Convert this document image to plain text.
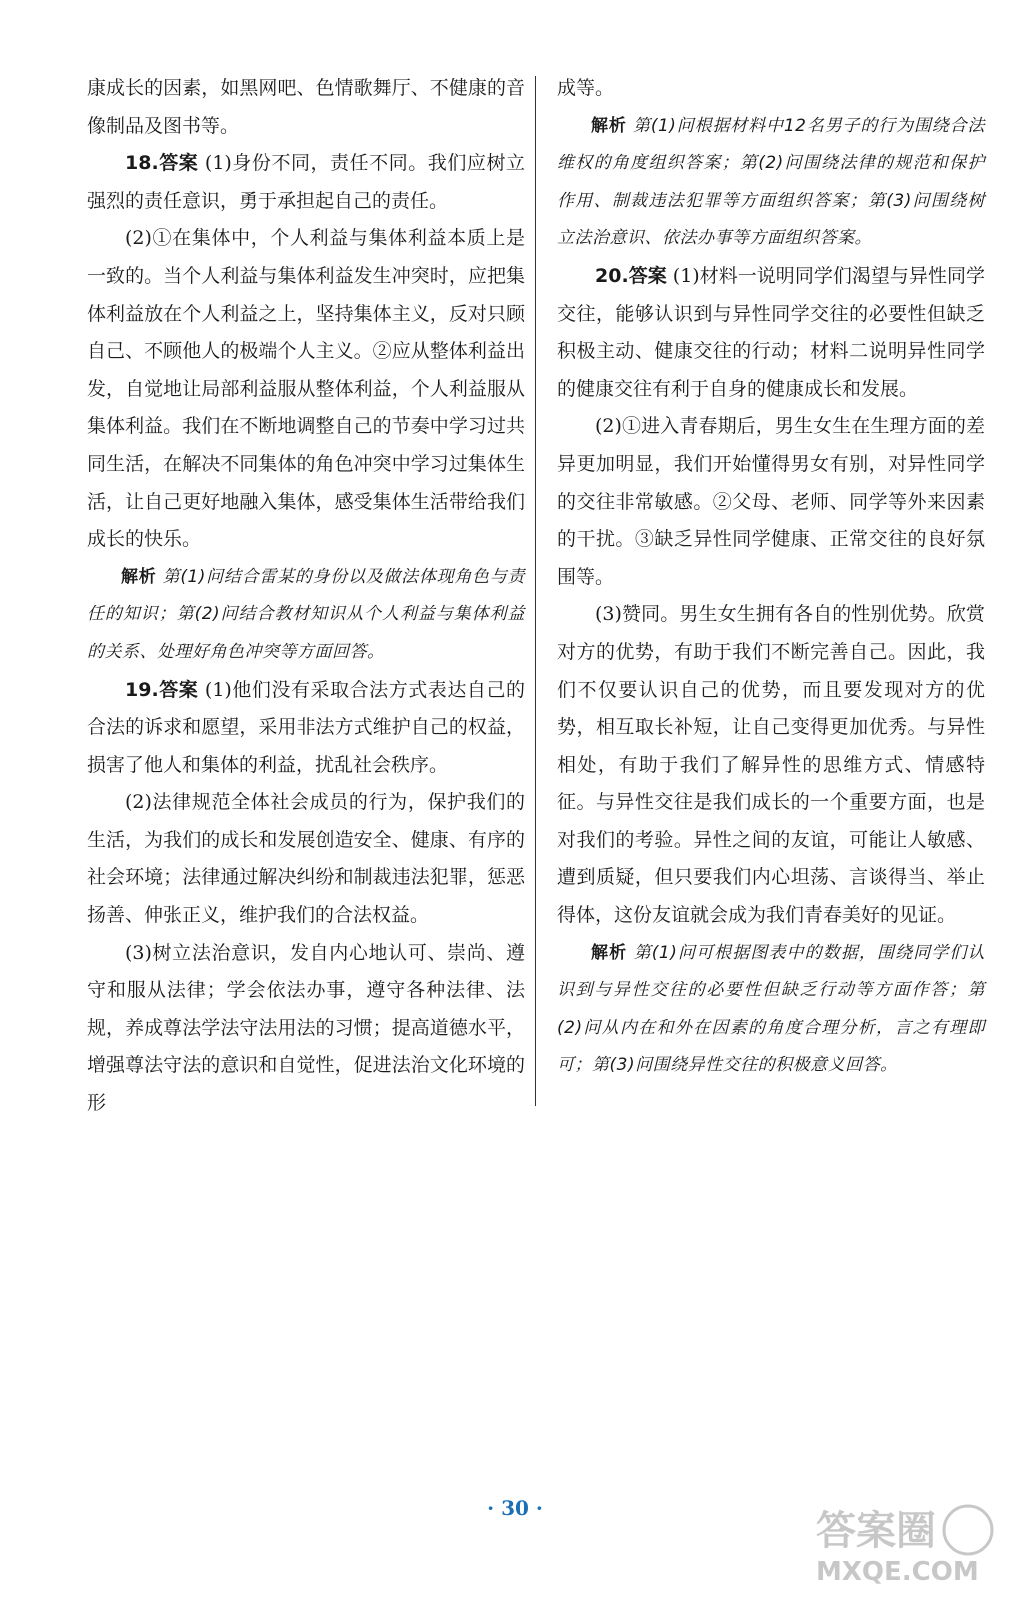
康成长的因素，如黑网吧、色情歌舞厅、不健康的音像制品及图书等。

18.答案 (1)身份不同，责任不同。我们应树立强烈的责任意识，勇于承担起自己的责任。

(2)①在集体中，个人利益与集体利益本质上是一致的。当个人利益与集体利益发生冲突时，应把集体利益放在个人利益之上，坚持集体主义，反对只顾自己、不顾他人的极端个人主义。②应从整体利益出发，自觉地让局部利益服从整体利益，个人利益服从集体利益。我们在不断地调整自己的节奏中学习过共同生活，在解决不同集体的角色冲突中学习过集体生活，让自己更好地融入集体，感受集体生活带给我们成长的快乐。

解析 第(1)问结合雷某的身份以及做法体现角色与责任的知识；第(2)问结合教材知识从个人利益与集体利益的关系、处理好角色冲突等方面回答。

19.答案 (1)他们没有采取合法方式表达自己的合法的诉求和愿望，采用非法方式维护自己的权益，损害了他人和集体的利益，扰乱社会秩序。

(2)法律规范全体社会成员的行为，保护我们的生活，为我们的成长和发展创造安全、健康、有序的社会环境；法律通过解决纠纷和制裁违法犯罪，惩恶扬善、伸张正义，维护我们的合法权益。

(3)树立法治意识，发自内心地认可、崇尚、遵守和服从法律；学会依法办事，遵守各种法律、法规，养成尊法学法守法用法的习惯；提高道德水平，增强尊法守法的意识和自觉性，促进法治文化环境的形

成等。

解析 第(1)问根据材料中12名男子的行为围绕合法维权的角度组织答案；第(2)问围绕法律的规范和保护作用、制裁违法犯罪等方面组织答案；第(3)问围绕树立法治意识、依法办事等方面组织答案。

20.答案 (1)材料一说明同学们渴望与异性同学交往，能够认识到与异性同学交往的必要性但缺乏积极主动、健康交往的行动；材料二说明异性同学的健康交往有利于自身的健康成长和发展。

(2)①进入青春期后，男生女生在生理方面的差异更加明显，我们开始懂得男女有别，对异性同学的交往非常敏感。②父母、老师、同学等外来因素的干扰。③缺乏异性同学健康、正常交往的良好氛围等。

(3)赞同。男生女生拥有各自的性别优势。欣赏对方的优势，有助于我们不断完善自己。因此，我们不仅要认识自己的优势，而且要发现对方的优势，相互取长补短，让自己变得更加优秀。与异性相处，有助于我们了解异性的思维方式、情感特征。与异性交往是我们成长的一个重要方面，也是对我们的考验。异性之间的友谊，可能让人敏感、遭到质疑，但只要我们内心坦荡、言谈得当、举止得体，这份友谊就会成为我们青春美好的见证。

解析 第(1)问可根据图表中的数据，围绕同学们认识到与异性交往的必要性但缺乏行动等方面作答；第(2)问从内在和外在因素的角度合理分析，言之有理即可；第(3)问围绕异性交往的积极意义回答。

· 30 ·	答案圈
MXQE.COM
